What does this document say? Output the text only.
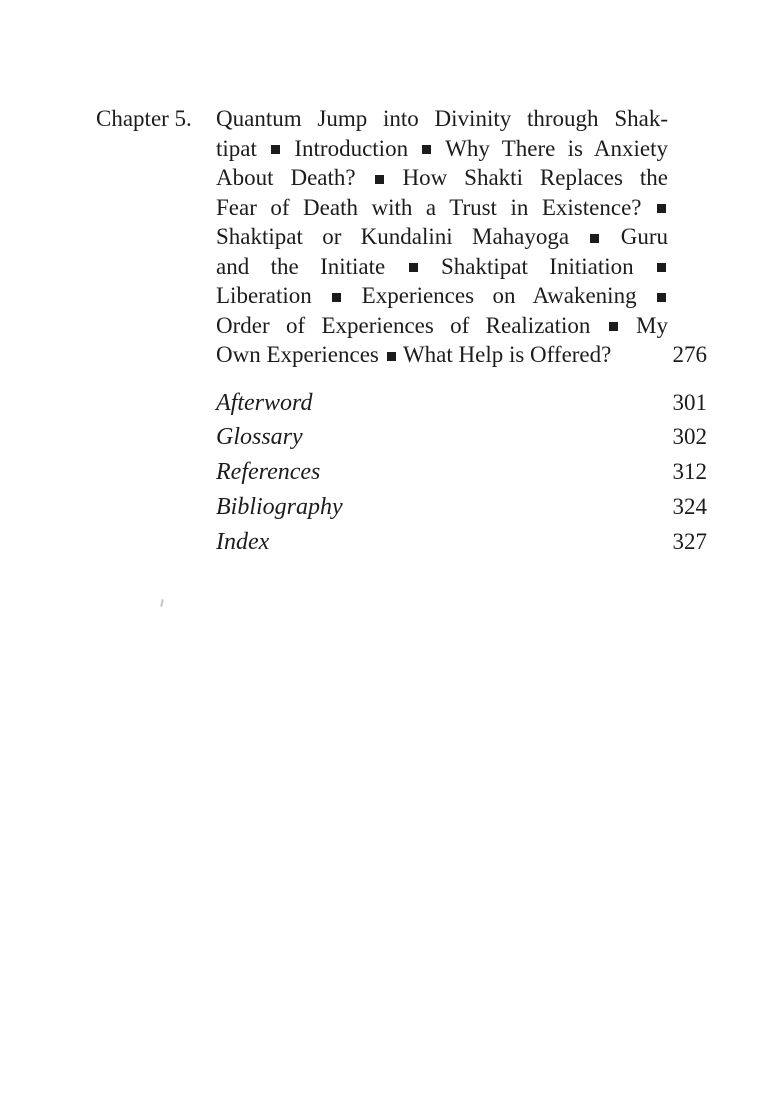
Chapter 5.	Quantum Jump into Divinity through Shak-
tipat  Introduction  Why There is Anxiety
About Death?  How Shakti Replaces the
Fear of Death with a Trust in Existence?
Shaktipat or Kundalini Mahayoga  Guru
and the Initiate  Shaktipat Initiation
Liberation  Experiences on Awakening
Order of Experiences of Realization  My
Own Experiences  What Help is Offered?	276
Afterword	301
Glossary	302
References	312
Bibliography	324
Index	327
